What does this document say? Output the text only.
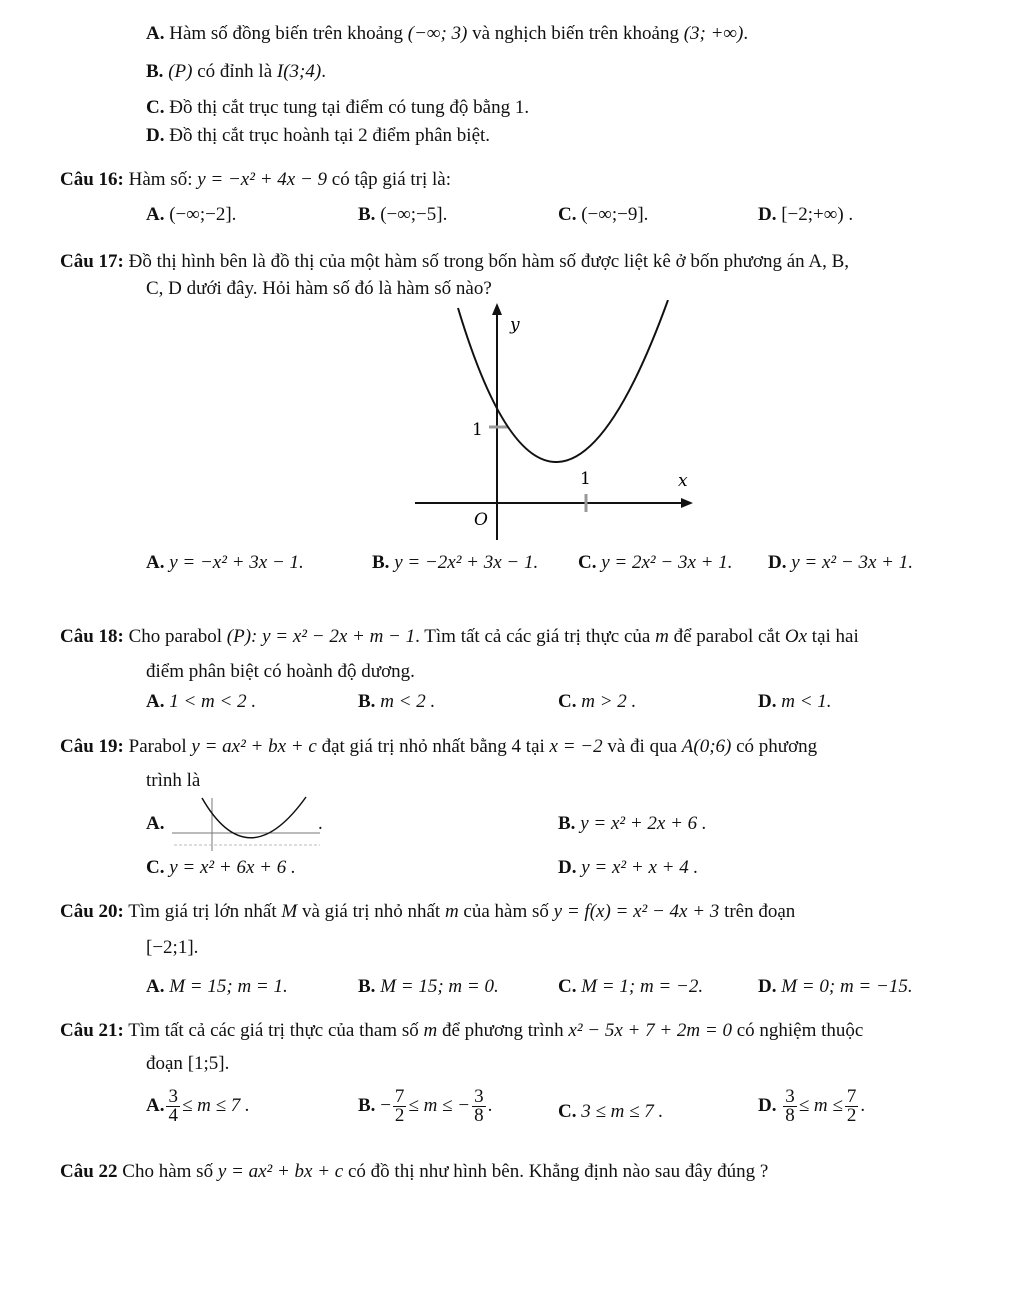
A. Hàm số đồng biến trên khoảng (−∞; 3) và nghịch biến trên khoảng (3; +∞).
B. (P) có đỉnh là I(3;4).
C. Đồ thị cắt trục tung tại điểm có tung độ bằng 1.
D. Đồ thị cắt trục hoành tại 2 điểm phân biệt.
Câu 16: Hàm số: y = −x² + 4x − 9 có tập giá trị là:
A. (−∞;−2].	B. (−∞;−5].	C. (−∞;−9].	D. [−2;+∞) .
Câu 17: Đồ thị hình bên là đồ thị của một hàm số trong bốn hàm số được liệt kê ở bốn phương án A, B,
C, D dưới đây. Hỏi hàm số đó là hàm số nào?
y
x
1
1
O
A. y = −x² + 3x − 1.	B. y = −2x² + 3x − 1. C. y = 2x² − 3x + 1. D. y = x² − 3x + 1.
Câu 18: Cho parabol (P): y = x² − 2x + m − 1. Tìm tất cả các giá trị thực của m để parabol cắt Ox tại hai
điểm phân biệt có hoành độ dương.
A. 1 < m < 2 .	B. m < 2 .	C. m > 2 .	D. m < 1.
Câu 19: Parabol y = ax² + bx + c đạt giá trị nhỏ nhất bằng 4 tại x = −2 và đi qua A(0;6) có phương
trình là
A.	.	B. y = x² + 2x + 6 .
C. y = x² + 6x + 6 .	D. y = x² + x + 4 .
Câu 20: Tìm giá trị lớn nhất M và giá trị nhỏ nhất m của hàm số y = f(x) = x² − 4x + 3 trên đoạn
[−2;1].
A. M = 15; m = 1.	B. M = 15; m = 0.	C. M = 1; m = −2.	D. M = 0; m = −15.
Câu 21: Tìm tất cả các giá trị thực của tham số m để phương trình x² − 5x + 7 + 2m = 0 có nghiệm thuộc
đoạn [1;5].
A. $\frac{3}{4} \le m \le 7$ .	B. − $\frac{7}{2} \le m$ ≤ − $\frac{3}{8}$ .	C. 3 ≤ m ≤ 7 .	D. $\frac{3}{8} \le m \le \frac{7}{2}$ .
Câu 22 Cho hàm số y = ax² + bx + c có đồ thị như hình bên. Khẳng định nào sau đây đúng ?
